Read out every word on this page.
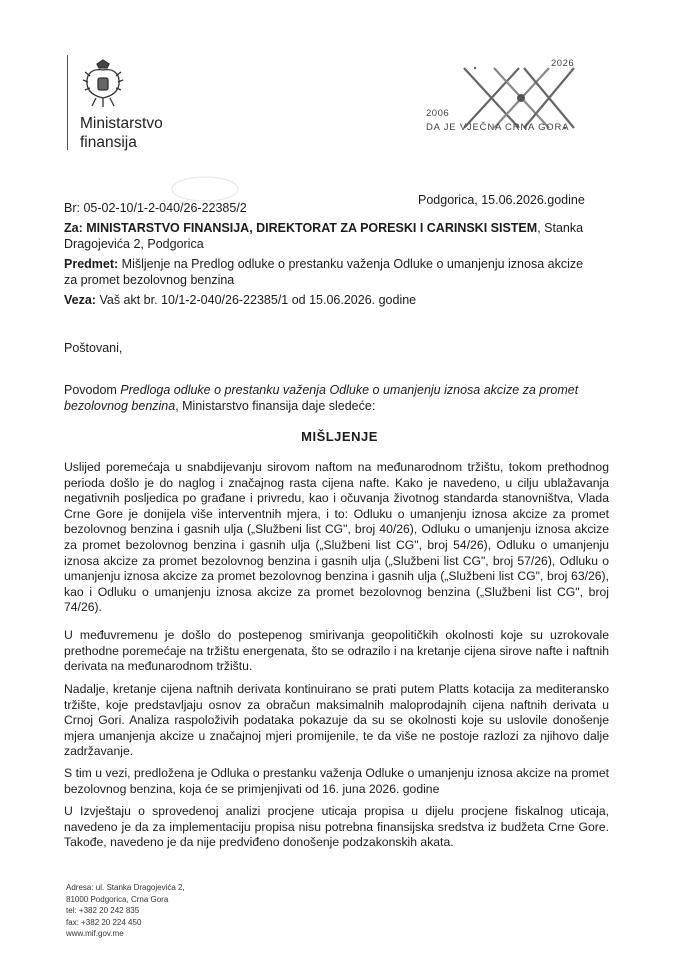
Ministarstvo
finansija
2026
2006
DA JE VJEČNA CRNA GORA
Br: 05-02-10/1-2-040/26-22385/2
Podgorica, 15.06.2026.godine
Za: MINISTARSTVO FINANSIJA, DIREKTORAT ZA PORESKI I CARINSKI SISTEM, Stanka
Dragojevića 2, Podgorica
Predmet: Mišljenje na Predlog odluke o prestanku važenja Odluke o umanjenju iznosa akcize
za promet bezolovnog benzina
Veza: Vaš akt br. 10/1-2-040/26-22385/1 od 15.06.2026. godine
Poštovani,
Povodom Predloga odluke o prestanku važenja Odluke o umanjenju iznosa akcize za promet
bezolovnog benzina, Ministarstvo finansija daje sledeće:
MIŠLJENJE
Uslijed poremećaja u snabdijevanju sirovom naftom na međunarodnom tržištu, tokom prethodnog perioda došlo je do naglog i značajnog rasta cijena nafte. Kako je navedeno, u cilju ublažavanja negativnih posljedica po građane i privredu, kao i očuvanja životnog standarda stanovništva, Vlada Crne Gore je donijela više interventnih mjera, i to: Odluku o umanjenju iznosa akcize za promet bezolovnog benzina i gasnih ulja („Službeni list CG", broj 40/26), Odluku o umanjenju iznosa akcize za promet bezolovnog benzina i gasnih ulja („Službeni list CG", broj 54/26), Odluku o umanjenju iznosa akcize za promet bezolovnog benzina i gasnih ulja („Službeni list CG", broj 57/26), Odluku o umanjenju iznosa akcize za promet bezolovnog benzina i gasnih ulja („Službeni list CG", broj 63/26), kao i Odluku o umanjenju iznosa akcize za promet bezolovnog benzina („Službeni list CG", broj 74/26).
U međuvremenu je došlo do postepenog smirivanja geopolitičkih okolnosti koje su uzrokovale prethodne poremećaje na tržištu energenata, što se odrazilo i na kretanje cijena sirove nafte i naftnih derivata na međunarodnom tržištu.
Nadalje, kretanje cijena naftnih derivata kontinuirano se prati putem Platts kotacija za mediteransko tržište, koje predstavljaju osnov za obračun maksimalnih maloprodajnih cijena naftnih derivata u Crnoj Gori. Analiza raspoloživih podataka pokazuje da su se okolnosti koje su uslovile donošenje mjera umanjenja akcize u značajnoj mjeri promijenile, te da više ne postoje razlozi za njihovo dalje zadržavanje.
S tim u vezi, predložena je Odluka o prestanku važenja Odluke o umanjenju iznosa akcize na promet bezolovnog benzina, koja će se primjenjivati od 16. juna 2026. godine
U Izvještaju o sprovedenoj analizi procjene uticaja propisa u dijelu procjene fiskalnog uticaja, navedeno je da za implementaciju propisa nisu potrebna finansijska sredstva iz budžeta Crne Gore. Takođe, navedeno je da nije predviđeno donošenje podzakonskih akata.
Adresa: ul. Stanka Dragojevića 2,
81000 Podgorica, Crna Gora
tel: +382 20 242 835
fax: +382 20 224 450
www.mif.gov.me
